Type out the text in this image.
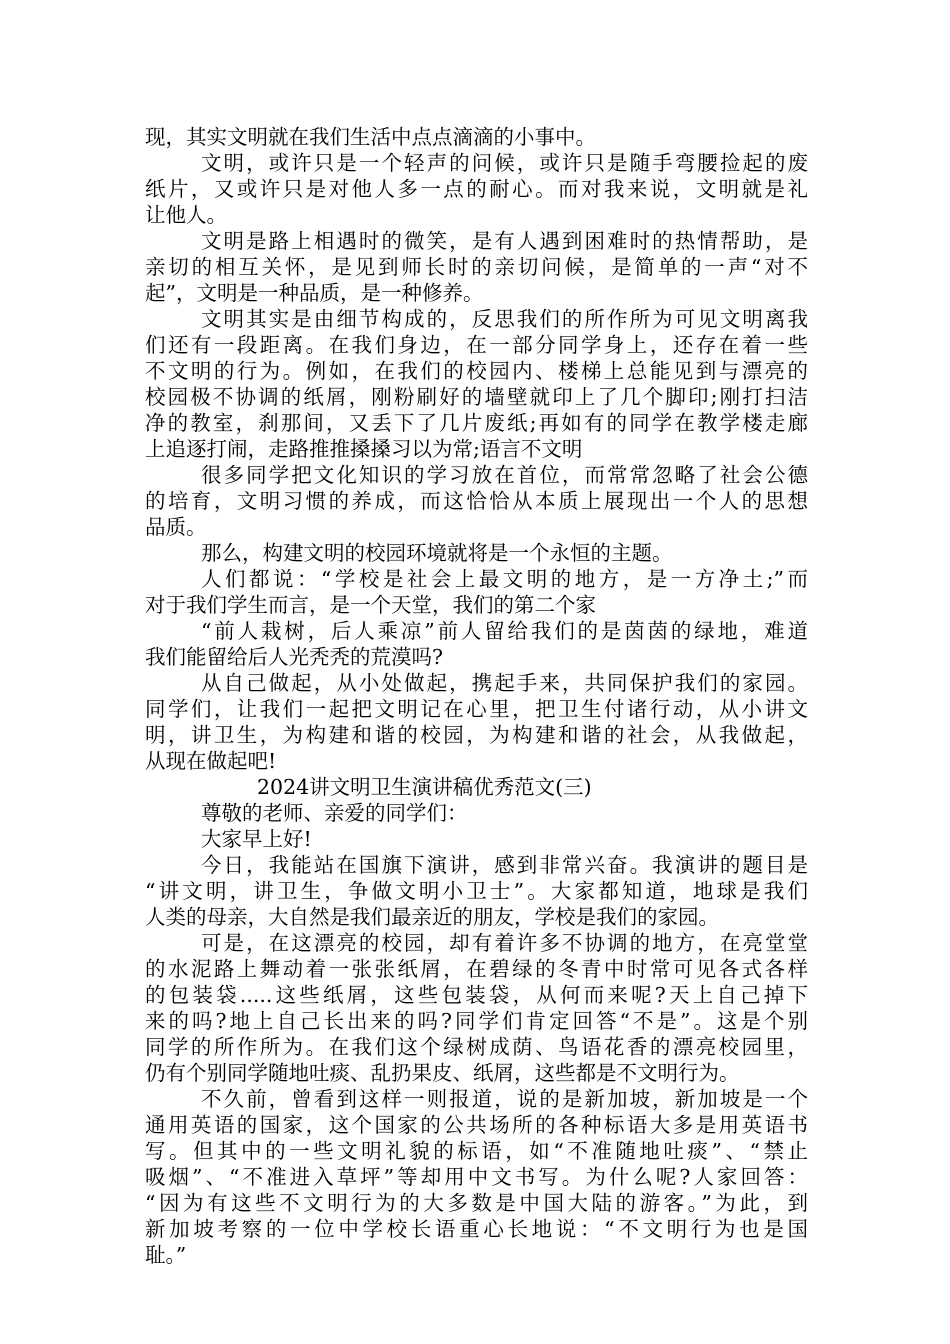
现，其实文明就在我们生活中点点滴滴的小事中。
文明，或许只是一个轻声的问候，或许只是随手弯腰捡起的废
纸片，又或许只是对他人多一点的耐心。而对我来说，文明就是礼
让他人。
文明是路上相遇时的微笑，是有人遇到困难时的热情帮助，是
亲切的相互关怀，是见到师长时的亲切问候，是简单的一声“对不
起”，文明是一种品质，是一种修养。
文明其实是由细节构成的，反思我们的所作所为可见文明离我
们还有一段距离。在我们身边，在一部分同学身上，还存在着一些
不文明的行为。例如，在我们的校园内、楼梯上总能见到与漂亮的
校园极不协调的纸屑，刚粉刷好的墙壁就印上了几个脚印;刚打扫洁
净的教室，刹那间，又丢下了几片废纸;再如有的同学在教学楼走廊
上追逐打闹，走路推推搡搡习以为常;语言不文明
很多同学把文化知识的学习放在首位，而常常忽略了社会公德
的培育，文明习惯的养成，而这恰恰从本质上展现出一个人的思想
品质。
那么，构建文明的校园环境就将是一个永恒的主题。
人们都说：“学校是社会上最文明的地方，是一方净土;”而
对于我们学生而言，是一个天堂，我们的第二个家
“前人栽树，后人乘凉”前人留给我们的是茵茵的绿地，难道
我们能留给后人光秃秃的荒漠吗?
从自己做起，从小处做起，携起手来，共同保护我们的家园。
同学们，让我们一起把文明记在心里，把卫生付诸行动，从小讲文
明，讲卫生，为构建和谐的校园，为构建和谐的社会，从我做起，
从现在做起吧!
2024讲文明卫生演讲稿优秀范文(三)
尊敬的老师、亲爱的同学们：
大家早上好!
今日，我能站在国旗下演讲，感到非常兴奋。我演讲的题目是
“讲文明，讲卫生，争做文明小卫士”。大家都知道，地球是我们
人类的母亲，大自然是我们最亲近的朋友，学校是我们的家园。
可是，在这漂亮的校园，却有着许多不协调的地方，在亮堂堂
的水泥路上舞动着一张张纸屑，在碧绿的冬青中时常可见各式各样
的包装袋.....这些纸屑，这些包装袋，从何而来呢?天上自己掉下
来的吗?地上自己长出来的吗?同学们肯定回答“不是”。这是个别
同学的所作所为。在我们这个绿树成荫、鸟语花香的漂亮校园里，
仍有个别同学随地吐痰、乱扔果皮、纸屑，这些都是不文明行为。
不久前，曾看到这样一则报道，说的是新加坡，新加坡是一个
通用英语的国家，这个国家的公共场所的各种标语大多是用英语书
写。但其中的一些文明礼貌的标语，如“不准随地吐痰”、“禁止
吸烟”、“不准进入草坪”等却用中文书写。为什么呢?人家回答：
“因为有这些不文明行为的大多数是中国大陆的游客。”为此，到
新加坡考察的一位中学校长语重心长地说：“不文明行为也是国
耻。”
